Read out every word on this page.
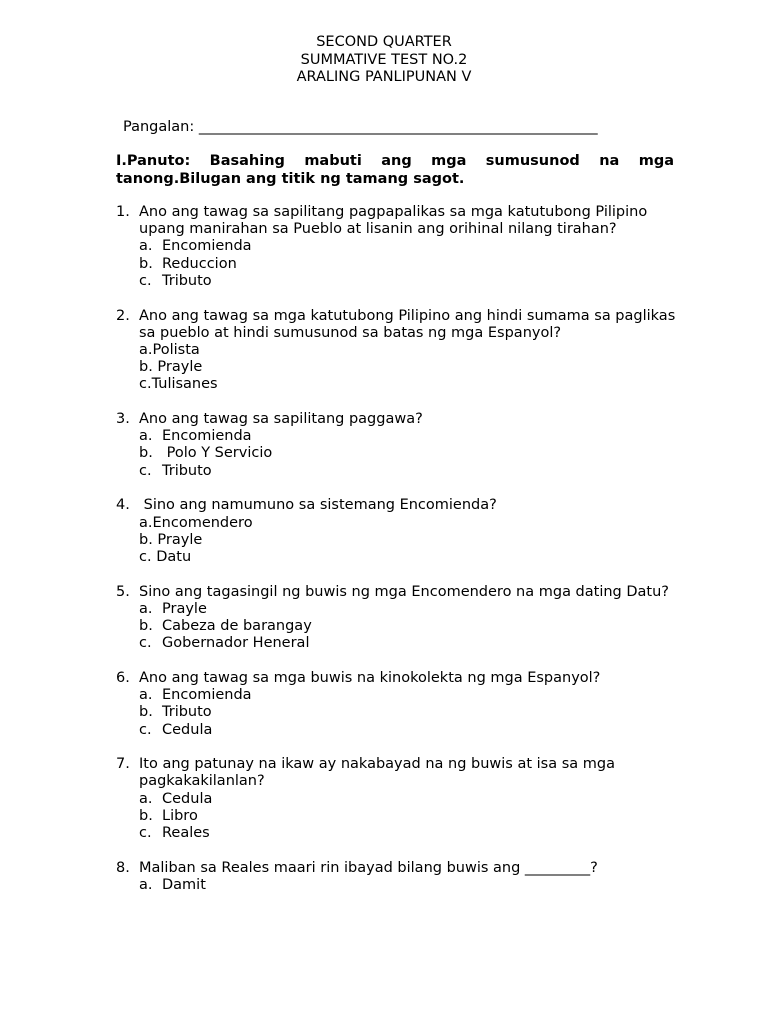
SECOND QUARTER
SUMMATIVE TEST NO.2
ARALING PANLIPUNAN V
Pangalan: _______________________________________________________
I.Panuto: Basahing mabuti ang mga sumusunod na mga tanong.Bilugan ang titik ng tamang sagot.
1. Ano ang tawag sa sapilitang pagpapalikas sa mga katutubong Pilipino upang manirahan sa Pueblo at lisanin ang orihinal nilang tirahan?
a. Encomienda
b. Reduccion
c. Tributo
2. Ano ang tawag sa mga katutubong Pilipino ang hindi sumama sa paglikas sa pueblo at hindi sumusunod sa batas ng mga Espanyol?
a.Polista
b. Prayle
c.Tulisanes
3. Ano ang tawag sa sapilitang paggawa?
a. Encomienda
b. Polo Y Servicio
c. Tributo
4. Sino ang namumuno sa sistemang Encomienda?
a.Encomendero
b. Prayle
c. Datu
5. Sino ang tagasingil ng buwis ng mga Encomendero na mga dating Datu?
a. Prayle
b. Cabeza de barangay
c. Gobernador Heneral
6. Ano ang tawag sa mga buwis na kinokolekta ng mga Espanyol?
a. Encomienda
b. Tributo
c. Cedula
7. Ito ang patunay na ikaw ay nakabayad na ng buwis at isa sa mga pagkakakilanlan?
a. Cedula
b. Libro
c. Reales
8. Maliban sa Reales maari rin ibayad bilang buwis ang _________?
a. Damit
